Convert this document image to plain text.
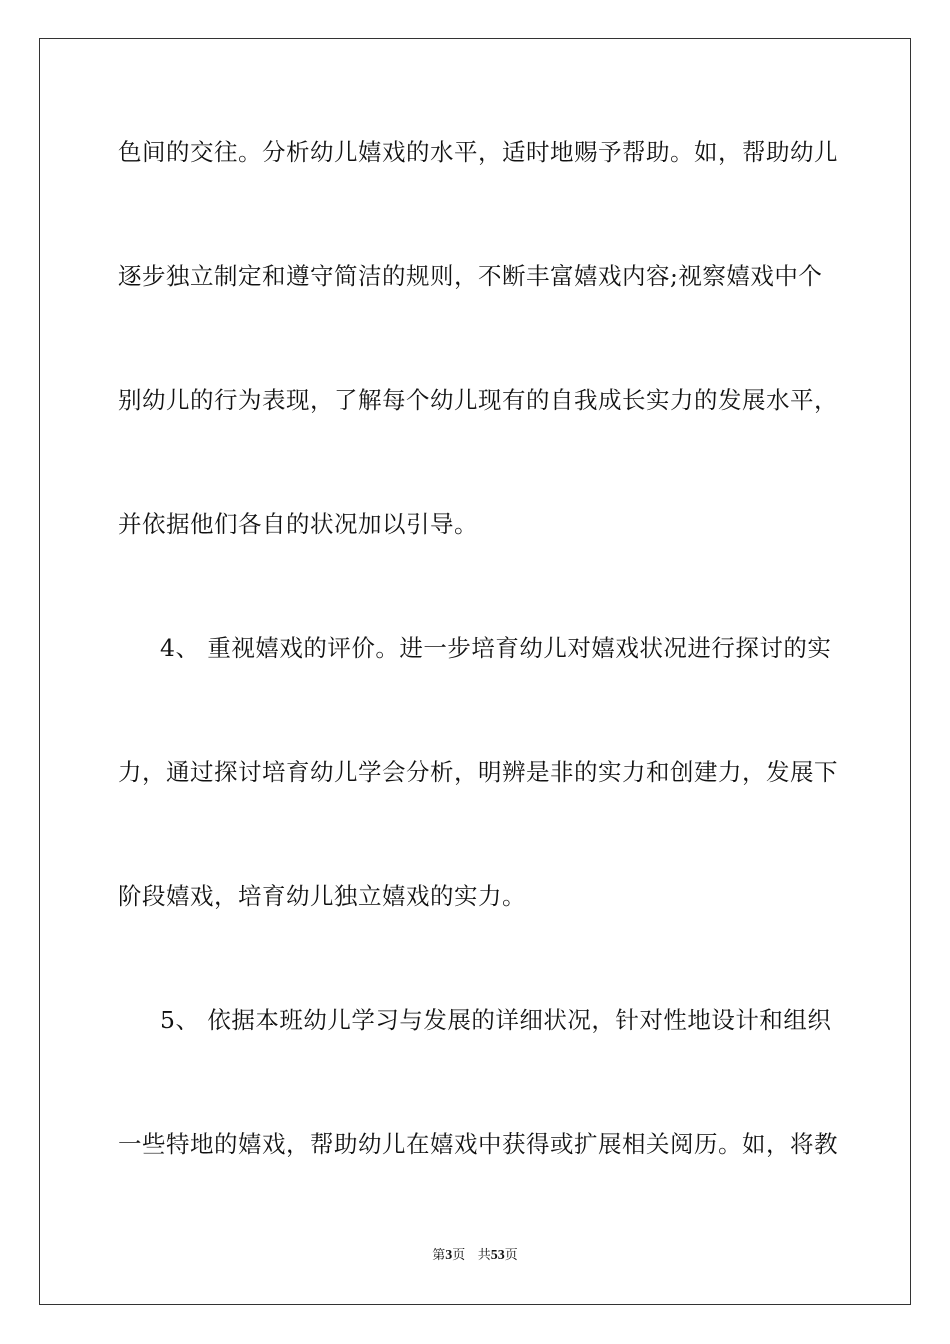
色间的交往。分析幼儿嬉戏的水平，适时地赐予帮助。如，帮助幼儿
逐步独立制定和遵守简洁的规则，不断丰富嬉戏内容;视察嬉戏中个
别幼儿的行为表现，了解每个幼儿现有的自我成长实力的发展水平，
并依据他们各自的状况加以引导。
4、 重视嬉戏的评价。进一步培育幼儿对嬉戏状况进行探讨的实
力，通过探讨培育幼儿学会分析，明辨是非的实力和创建力，发展下
阶段嬉戏，培育幼儿独立嬉戏的实力。
5、 依据本班幼儿学习与发展的详细状况，针对性地设计和组织
一些特地的嬉戏，帮助幼儿在嬉戏中获得或扩展相关阅历。如，将教
第3页 共53页
